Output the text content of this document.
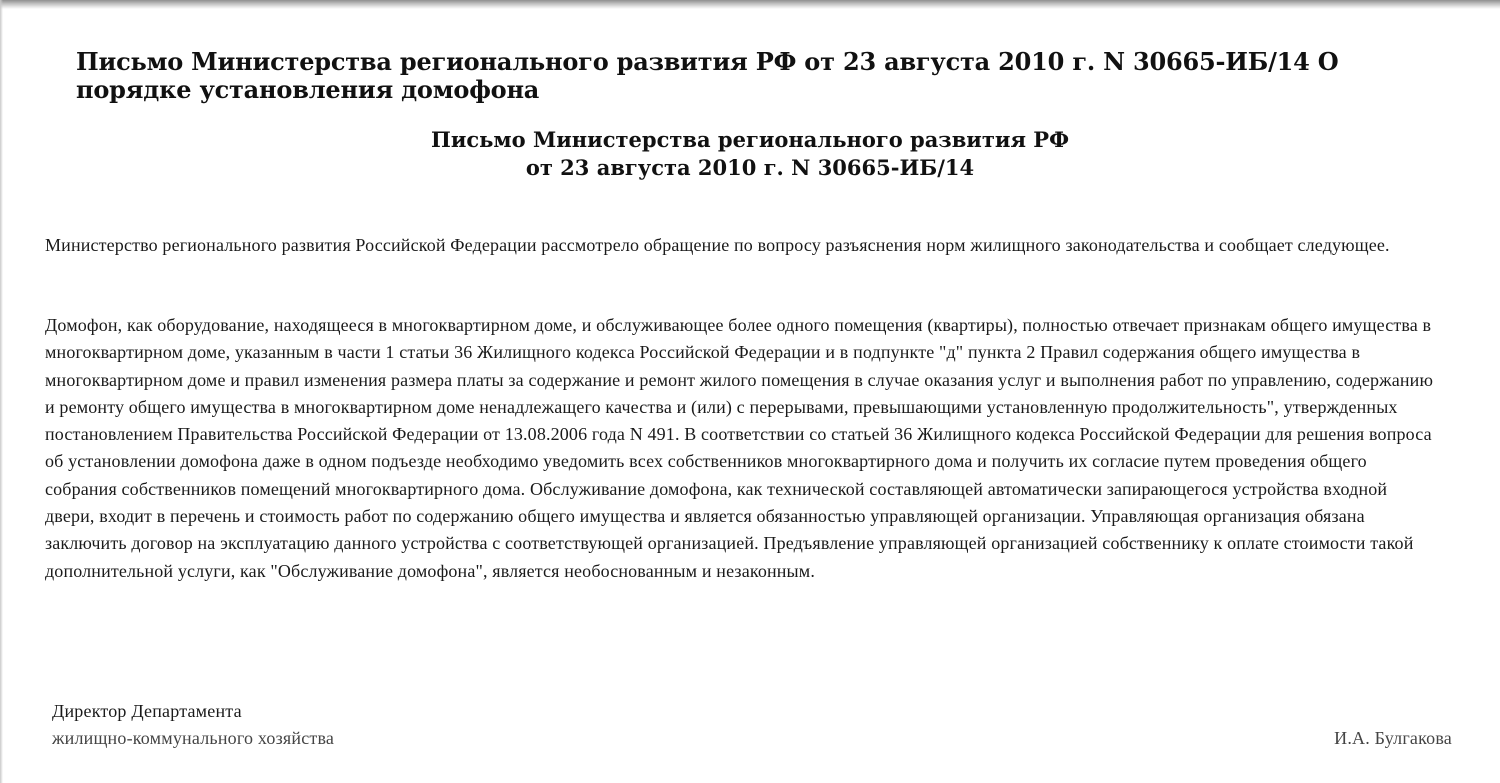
Письмо Министерства регионального развития РФ от 23 августа 2010 г. N 30665-ИБ/14 О порядке установления домофона
Письмо Министерства регионального развития РФ
от 23 августа 2010 г. N 30665-ИБ/14

Министерство регионального развития Российской Федерации рассмотрело обращение по вопросу разъяснения норм жилищного законодательства и сообщает следующее.

Домофон, как оборудование, находящееся в многоквартирном доме, и обслуживающее более одного помещения (квартиры), полностью отвечает признакам общего имущества в многоквартирном доме, указанным в части 1 статьи 36 Жилищного кодекса Российской Федерации и в подпункте "д" пункта 2 Правил содержания общего имущества в многоквартирном доме и правил изменения размера платы за содержание и ремонт жилого помещения в случае оказания услуг и выполнения работ по управлению, содержанию и ремонту общего имущества в многоквартирном доме ненадлежащего качества и (или) с перерывами, превышающими установленную продолжительность", утвержденных постановлением Правительства Российской Федерации от 13.08.2006 года N 491. В соответствии со статьей 36 Жилищного кодекса Российской Федерации для решения вопроса об установлении домофона даже в одном подъезде необходимо уведомить всех собственников многоквартирного дома и получить их согласие путем проведения общего собрания собственников помещений многоквартирного дома. Обслуживание домофона, как технической составляющей автоматически запирающегося устройства входной двери, входит в перечень и стоимость работ по содержанию общего имущества и является обязанностью управляющей организации. Управляющая организация обязана заключить договор на эксплуатацию данного устройства с соответствующей организацией. Предъявление управляющей организацией собственнику к оплате стоимости такой дополнительной услуги, как "Обслуживание домофона", является необоснованным и незаконным.

Директор Департамента
жилищно-коммунального хозяйства	И.А. Булгакова
